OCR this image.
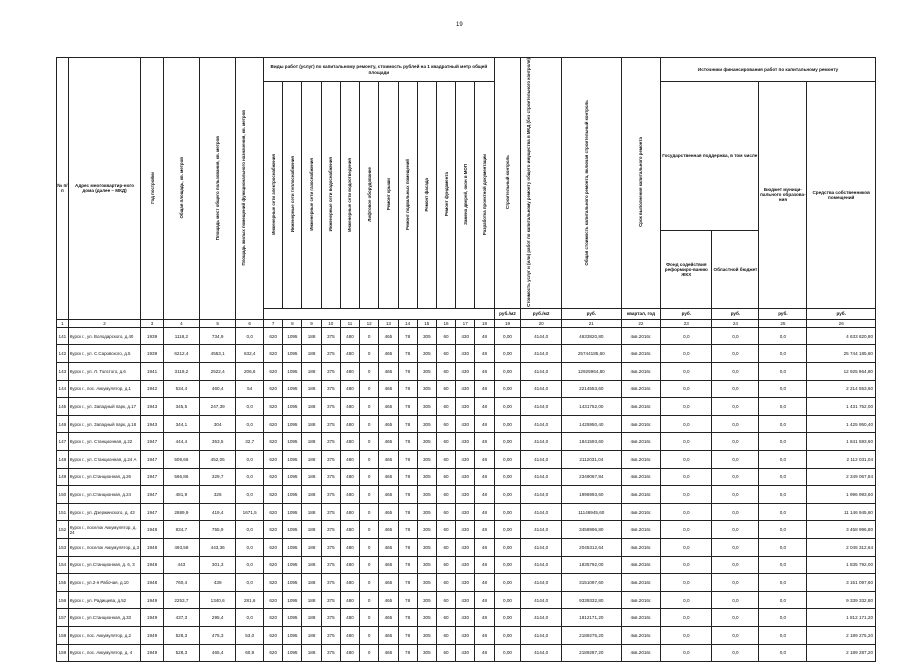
19
№ п/п	Адрес многоквартир-ного дома (далее – МКД)	Год постройки	Общая площадь, кв. метров	Площадь мест общего пользования, кв. метров	Площадь жилых помещений функционального назначения, кв. метров	Виды работ (услуг) по капитальному ремонту, стоимость рублей на 1 квадратный метр общей площади												Строительный контроль	Стоимость услуг и (или) работ по капитальному ремонту общего имущества в МКД (без строительного контроля)	Общая стоимость капитального ремонта, включая строительный контроль	Срок выполнения капитального ремонта	Источники финансирования работ по капитальному ремонту			
						Инженерные сети электроснабжения	Инженерные сети теплоснабжения	Инженерные сети газоснабжения	Инженерные сети водоснабжения	Инженерные сети водоотведения	Лифтовое оборудование	Ремонт крыши	Ремонт подвальных помещений	Ремонт фасада	Ремонт фундамента	Замена дверей, окон в МОП	Разработка проектной документации					Государственная поддержка, в том числе		Бюджет муници-пального образова-ния	Средства собственников помещений
																						Фонд содействия реформиро-ванию ЖКХ	Областной бюджет		
																		руб./м2	руб./м2	руб.	квартал, год	руб.	руб.	руб.	руб.
1	2	3	4	5	6	7	8	9	10	11	12	13	14	15	16	17	18	19	20	21	22	23	24	25	26
141	Курск г., ул. Володарского, д.40	1939	1118,2	734,9	0,0	620	1095	188	375	480	0	465	78	305	60	430	48	0,00	4144,0	4633820,80	4кв.2016г.	0,0	0,0	0,0	4 633 820,80
142	Курск г., ул. С.Саровского, д.5	1939	6212,4	4553,1	632,4	620	1095	188	375	480	0	465	78	305	60	430	48	0,00	4144,0	25744185,60	4кв.2016г.	0,0	0,0	0,0	25 744 185,60
143	Курск г., ул. Л. Толстого, д.6	1941	3119,2	2522,4	206,6	620	1095	188	375	480	0	465	78	305	60	430	48	0,00	4144,0	12925964,80	4кв.2016г.	0,0	0,0	0,0	12 925 964,80
144	Курск г., пос. Аккумулятор, д.1	1942	534,4	460,4	54	620	1095	188	375	480	0	465	78	305	60	430	48	0,00	4144,0	2214553,60	4кв.2016г.	0,0	0,0	0,0	2 214 553,60
145	Курск г., ул. Западный парк, д.17	1943	345,5	247,39	0,0	620	1095	188	375	480	0	465	78	305	60	430	48	0,00	4144,0	1431752,00	4кв.2016г.	0,0	0,0	0,0	1 431 752,00
146	Курск г., ул. Западный парк, д.18	1943	344,1	304	0,0	620	1095	188	375	480	0	465	78	305	60	430	48	0,00	4144,0	1425950,40	4кв.2016г.	0,0	0,0	0,0	1 425 950,40
147	Курск г., ул. Станционная, д.22	1947	444,4	353,5	32,7	620	1095	188	375	480	0	465	78	305	60	430	48	0,00	4144,0	1841593,60	4кв.2016г.	0,0	0,0	0,0	1 841 593,60
148	Курск г., ул. Станционная, д.24 А	1947	509,66	452,05	0,0	620	1095	188	375	480	0	465	78	305	60	430	48	0,00	4144,0	2112031,04	4кв.2016г.	0,0	0,0	0,0	2 112 031,04
149	Курск г., ул.Станционная, д.26	1947	566,86	329,7	0,0	620	1095	188	375	480	0	465	78	305	60	430	48	0,00	4144,0	2349067,84	4кв.2016г.	0,0	0,0	0,0	2 349 067,84
150	Курск г., ул.Станционная, д.24	1947	481,9	326	0,0	620	1095	188	375	480	0	465	78	305	60	430	48	0,00	4144,0	1996993,60	4кв.2016г.	0,0	0,0	0,0	1 996 993,60
151	Курск г., ул. Дзержинского, д. 43	1947	2689,9	419,4	1671,5	620	1095	188	375	480	0	465	78	305	60	430	48	0,00	4144,0	11146945,60	4кв.2016г.	0,0	0,0	0,0	11 146 945,60
152	Курск г., поселок Аккумулятор, д. 24	1948	834,7	755,9	0,0	620	1095	188	375	480	0	465	78	305	60	430	48	0,00	4144,0	3458996,80	4кв.2016г.	0,0	0,0	0,0	3 458 996,80
153	Курск г., поселок Аккумулятор, д.3	1948	493,58	443,36	0,0	620	1095	188	375	480	0	465	78	305	60	430	48	0,00	4144,0	2045312,64	4кв.2016г.	0,0	0,0	0,0	2 045 312,64
154	Курск г., ул.Станционная, д. 6, 3	1948	443	301,3	0,0	620	1095	188	375	480	0	465	78	305	60	430	48	0,00	4144,0	1835792,00	4кв.2016г.	0,0	0,0	0,0	1 835 792,00
155	Курск г., ул.2-я Рабочая, д.10	1948	760,4	439	0,0	620	1095	188	375	480	0	465	78	305	60	430	48	0,00	4144,0	3151097,60	4кв.2016г.	0,0	0,0	0,0	3 151 097,60
156	Курск г., ул. Радищева, д.52	1949	2253,7	1340,6	281,6	620	1095	188	375	480	0	465	78	305	60	430	48	0,00	4144,0	9339332,80	4кв.2016г.	0,0	0,0	0,0	9 339 332,80
157	Курск г., ул.Станционная, д.33	1949	437,3	295,4	0,0	620	1095	188	375	480	0	465	78	305	60	430	48	0,00	4144,0	1812171,20	4кв.2016г.	0,0	0,0	0,0	1 812 171,20
158	Курск г., пос. Аккумулятор, д.2	1949	528,3	475,3	53,0	620	1095	188	375	480	0	465	78	305	60	430	48	0,00	4144,0	2189275,20	4кв.2016г.	0,0	0,0	0,0	2 189 275,20
159	Курск г., пос. Аккумулятор, д. 4	1949	528,3	465,4	60,9	620	1095	188	375	480	0	465	78	305	60	430	48	0,00	4144,0	2189287,20	4кв.2016г.	0,0	0,0	0,0	2 189 287,20
